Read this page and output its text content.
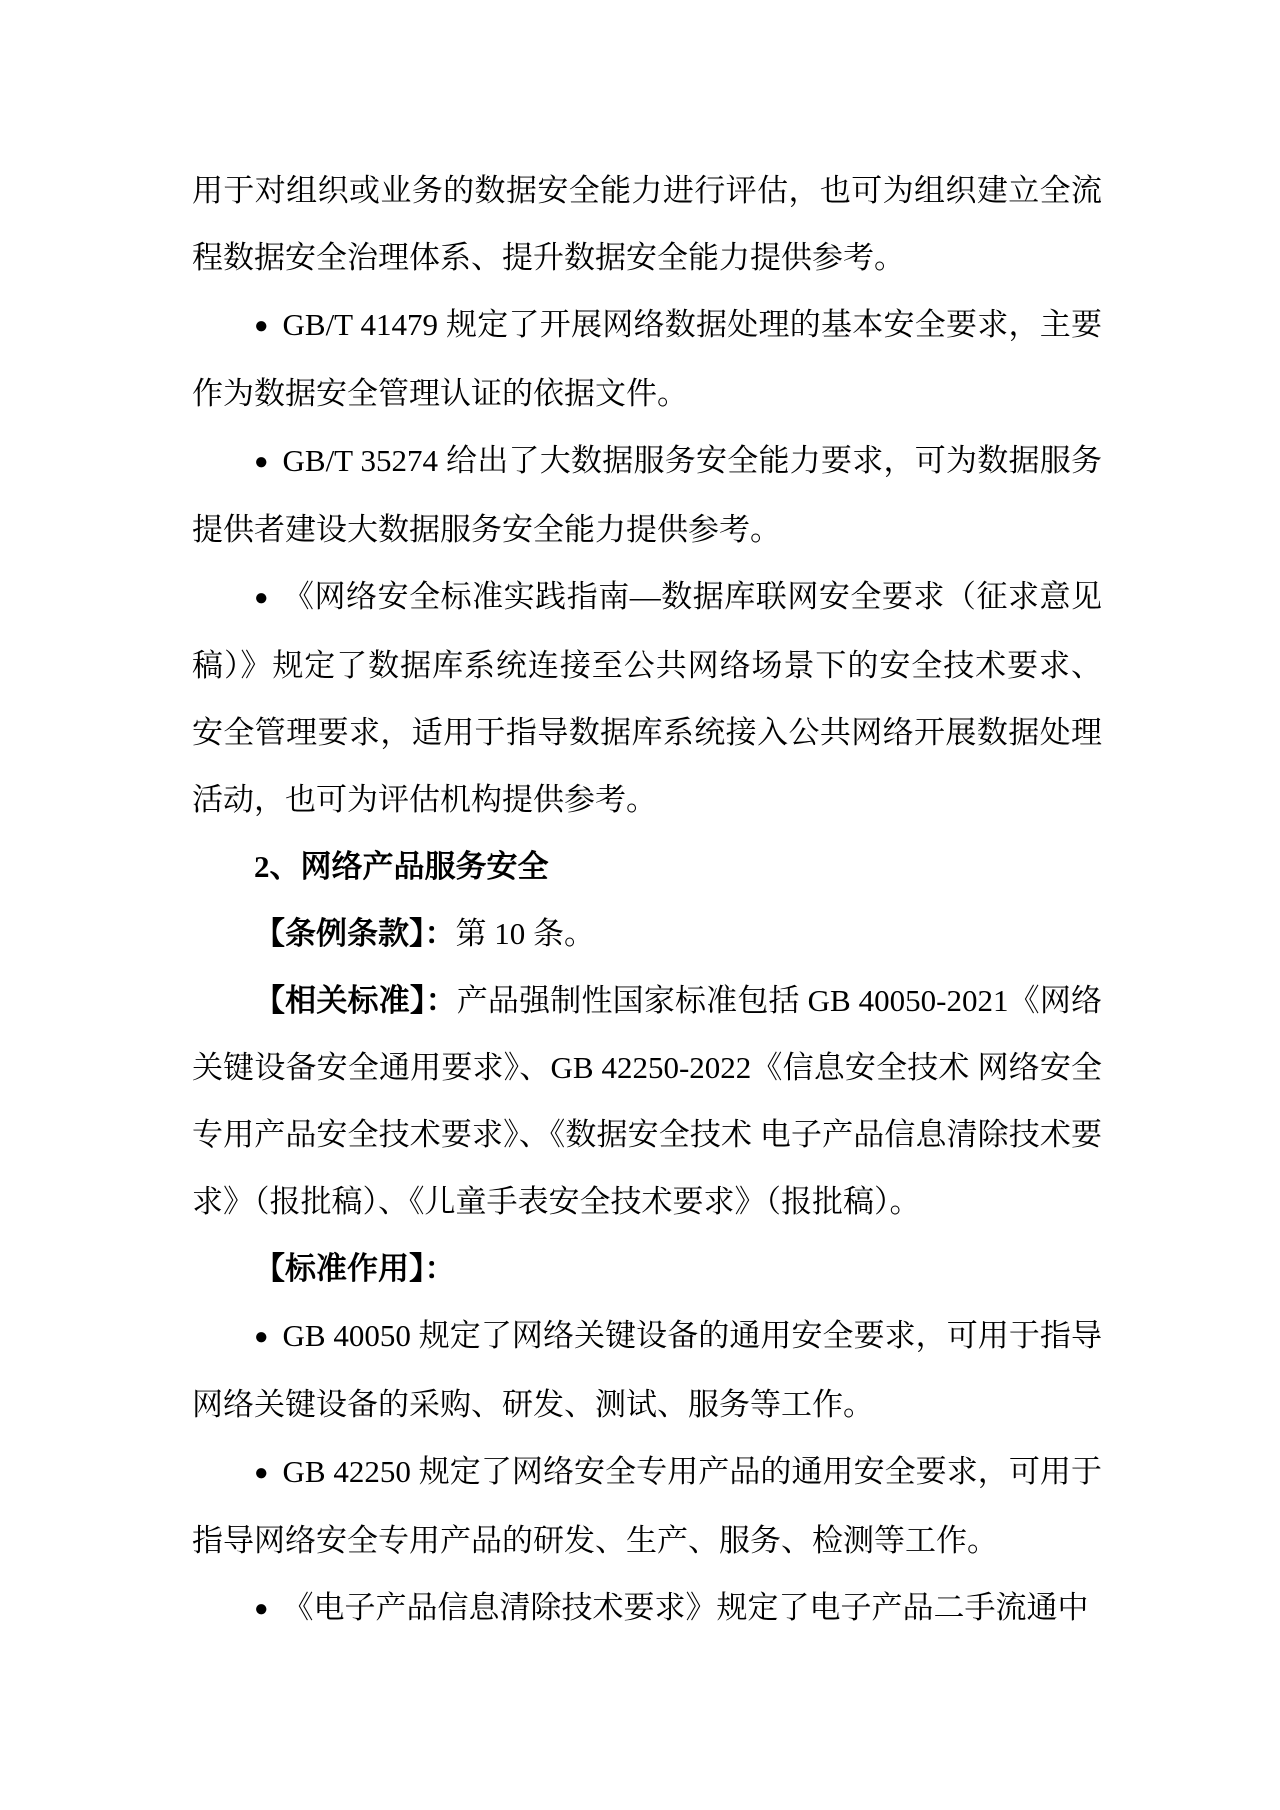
用于对组织或业务的数据安全能力进行评估，也可为组织建立全流程数据安全治理体系、提升数据安全能力提供参考。

● GB/T 41479 规定了开展网络数据处理的基本安全要求，主要作为数据安全管理认证的依据文件。

● GB/T 35274 给出了大数据服务安全能力要求，可为数据服务提供者建设大数据服务安全能力提供参考。

● 《网络安全标准实践指南—数据库联网安全要求（征求意见稿）》规定了数据库系统连接至公共网络场景下的安全技术要求、安全管理要求，适用于指导数据库系统接入公共网络开展数据处理活动，也可为评估机构提供参考。

2、网络产品服务安全

【条例条款】：第 10 条。

【相关标准】：产品强制性国家标准包括 GB 40050-2021《网络关键设备安全通用要求》、GB 42250-2022《信息安全技术 网络安全专用产品安全技术要求》、《数据安全技术 电子产品信息清除技术要求》（报批稿）、《儿童手表安全技术要求》（报批稿）。

【标准作用】：

● GB 40050 规定了网络关键设备的通用安全要求，可用于指导网络关键设备的采购、研发、测试、服务等工作。

● GB 42250 规定了网络安全专用产品的通用安全要求，可用于指导网络安全专用产品的研发、生产、服务、检测等工作。

● 《电子产品信息清除技术要求》规定了电子产品二手流通中
